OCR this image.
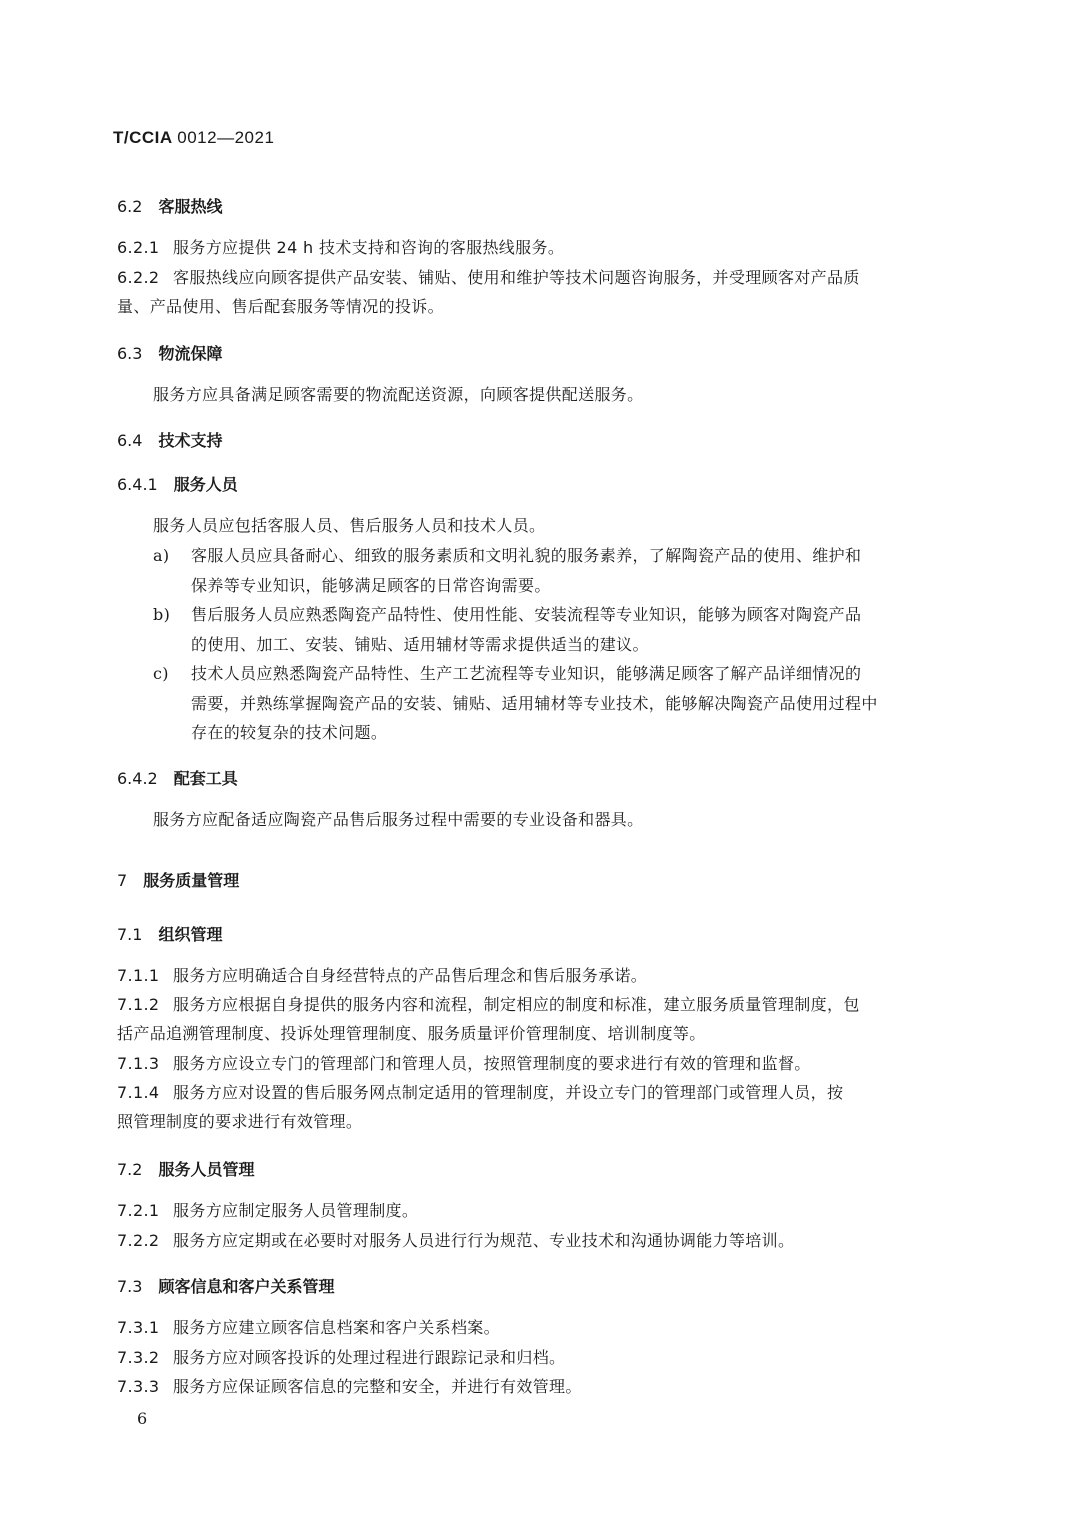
T/CCIA 0012—2021
6.2 客服热线
6.2.1 服务方应提供 24 h 技术支持和咨询的客服热线服务。
6.2.2 客服热线应向顾客提供产品安装、铺贴、使用和维护等技术问题咨询服务，并受理顾客对产品质
量、产品使用、售后配套服务等情况的投诉。
6.3 物流保障
服务方应具备满足顾客需要的物流配送资源，向顾客提供配送服务。
6.4 技术支持
6.4.1 服务人员
服务人员应包括客服人员、售后服务人员和技术人员。
a) 客服人员应具备耐心、细致的服务素质和文明礼貌的服务素养，了解陶瓷产品的使用、维护和
保养等专业知识，能够满足顾客的日常咨询需要。
b) 售后服务人员应熟悉陶瓷产品特性、使用性能、安装流程等专业知识，能够为顾客对陶瓷产品
的使用、加工、安装、铺贴、适用辅材等需求提供适当的建议。
c) 技术人员应熟悉陶瓷产品特性、生产工艺流程等专业知识，能够满足顾客了解产品详细情况的
需要，并熟练掌握陶瓷产品的安装、铺贴、适用辅材等专业技术，能够解决陶瓷产品使用过程中
存在的较复杂的技术问题。
6.4.2 配套工具
服务方应配备适应陶瓷产品售后服务过程中需要的专业设备和器具。
7 服务质量管理
7.1 组织管理
7.1.1 服务方应明确适合自身经营特点的产品售后理念和售后服务承诺。
7.1.2 服务方应根据自身提供的服务内容和流程，制定相应的制度和标准，建立服务质量管理制度，包
括产品追溯管理制度、投诉处理管理制度、服务质量评价管理制度、培训制度等。
7.1.3 服务方应设立专门的管理部门和管理人员，按照管理制度的要求进行有效的管理和监督。
7.1.4 服务方应对设置的售后服务网点制定适用的管理制度，并设立专门的管理部门或管理人员，按
照管理制度的要求进行有效管理。
7.2 服务人员管理
7.2.1 服务方应制定服务人员管理制度。
7.2.2 服务方应定期或在必要时对服务人员进行行为规范、专业技术和沟通协调能力等培训。
7.3 顾客信息和客户关系管理
7.3.1 服务方应建立顾客信息档案和客户关系档案。
7.3.2 服务方应对顾客投诉的处理过程进行跟踪记录和归档。
7.3.3 服务方应保证顾客信息的完整和安全，并进行有效管理。
6
